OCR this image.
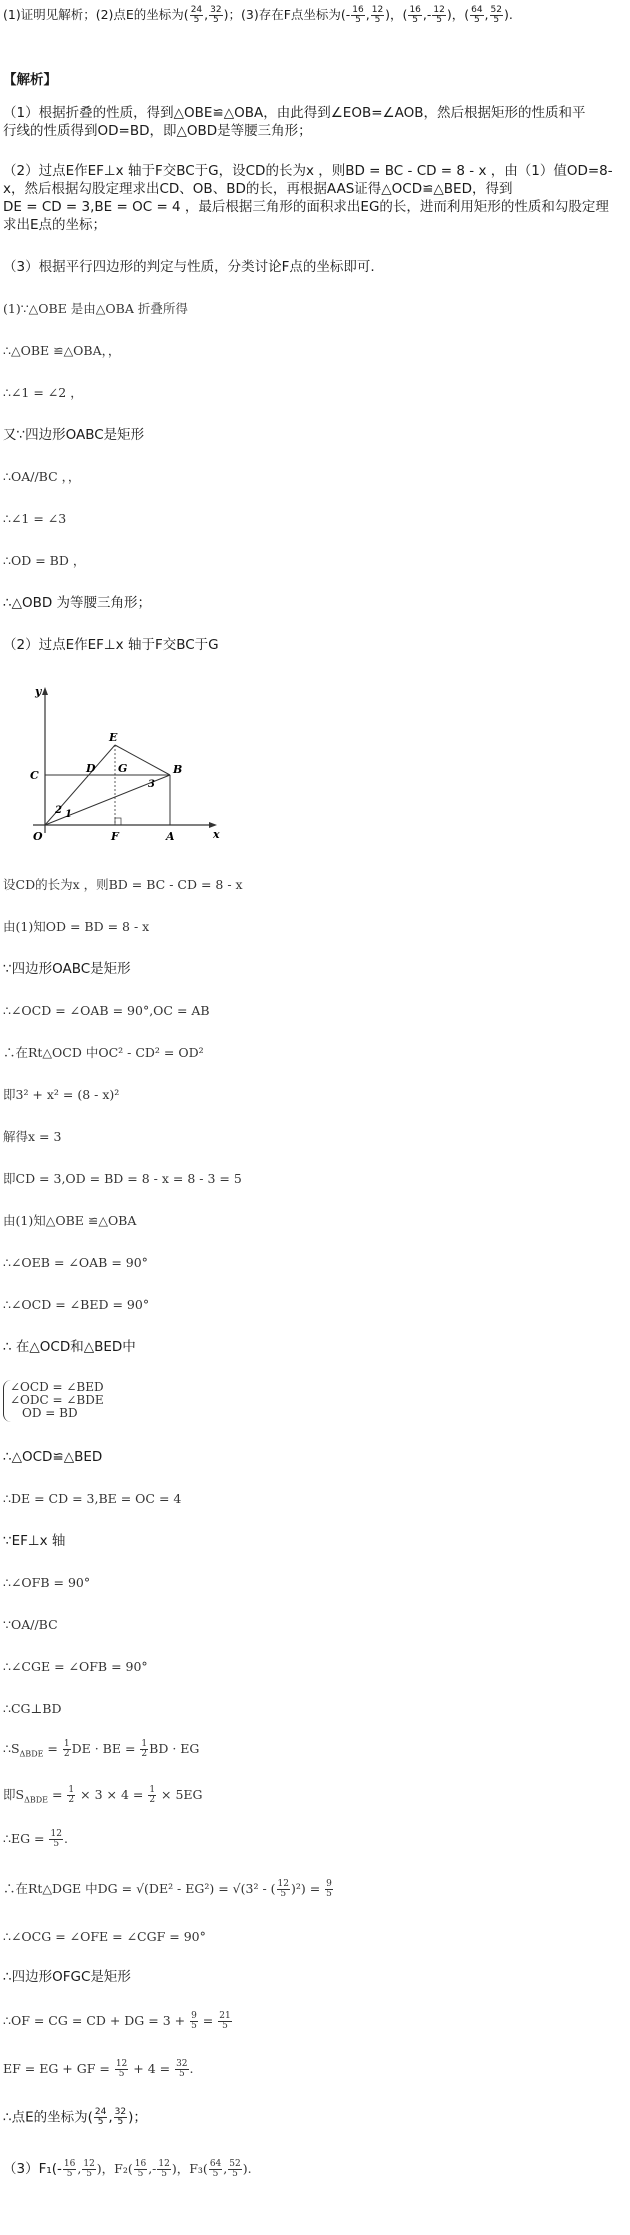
(1)证明见解析；(2)点E的坐标为( $\frac{24}{5}$ , $\frac{32}{5}$ )；(3)存在F点坐标为(- $\frac{16}{5}$ , $\frac{12}{5}$ )，( $\frac{16}{5}$ ,- $\frac{12}{5}$ )，( $\frac{64}{5}$ , $\frac{52}{5}$ ).
【解析】
（1）根据折叠的性质，得到△OBE≌△OBA，由此得到∠EOB=∠AOB，然后根据矩形的性质和平
行线的性质得到OD=BD，即△OBD是等腰三角形；
（2）过点E作EF⊥x 轴于F交BC于G，设CD的长为x ，则BD = BC - CD = 8 - x ，由（1）值OD=8-
x，然后根据勾股定理求出CD、OB、BD的长，再根据AAS证得△OCD≌△BED，得到
DE = CD = 3,BE = OC = 4 ，最后根据三角形的面积求出EG的长，进而利用矩形的性质和勾股定理
求出E点的坐标；
（3）根据平行四边形的判定与性质，分类讨论F点的坐标即可.
(1)∵△OBE 是由△OBA 折叠所得
∴△OBE ≌△OBA，，
∴∠1 = ∠2 ，
又∵四边形OABC是矩形
∴OA//BC ，，
∴∠1 = ∠3
∴OD = BD ，
∴△OBD 为等腰三角形；
（2）过点E作EF⊥x 轴于F交BC于G
y
x
E
C
D G	B
3
1
2
O	F	A
设CD的长为x ，则BD = BC - CD = 8 - x
由(1)知OD = BD = 8 - x
∵四边形OABC是矩形
∴∠OCD = ∠OAB = 90°,OC = AB
∴在Rt△OCD 中OC² - CD² = OD²
即3² + x² = (8 - x)²
解得x = 3
即CD = 3,OD = BD = 8 - x = 8 - 3 = 5
由(1)知△OBE ≌△OBA
∴∠OEB = ∠OAB = 90°
∴∠OCD = ∠BED = 90°
∴ 在△OCD和△BED中
∠OCD = ∠BED
∠ODC = ∠BDE
OD = BD
∴△OCD≌△BED
∴DE = CD = 3,BE = OC = 4
∵EF⊥x 轴
∴∠OFB = 90°
∵OA//BC
∴∠CGE = ∠OFB = 90°
∴CG⊥BD
$\therefore S_{\Delta BDE} = \frac{1}{2}$ DE · BE = $\frac{1}{2}$ BD · EG
即$S_{\Delta BDE} = \frac{1}{2} \times 3 \times 4 = \frac{1}{2} \times 5EG$
∴EG = $\frac{12}{5}$ .
∴在Rt△DGE 中DG = √(DE² - EG²) = √(3² - ( $\frac{12}{5} )^2) = \frac{9}{5}$
∴∠OCG = ∠OFE = ∠CGF = 90°
∴四边形OFGC是矩形
∴OF = CG = CD + DG = $3 + \frac{9}{5} = \frac{21}{5}$
EF = EG + GF = $\frac{12}{5} + 4 = \frac{32}{5}$ .
∴点E的坐标为( $\frac{24}{5}$ , $\frac{32}{5}$ )；
$(3)F_1(- \frac{16}{5}$ , $\frac{12}{5}$ )，$F_2( \frac{16}{5}$ ,- $\frac{12}{5}$ )，$F_3( \frac{64}{5}$ , $\frac{52}{5}$ ).
